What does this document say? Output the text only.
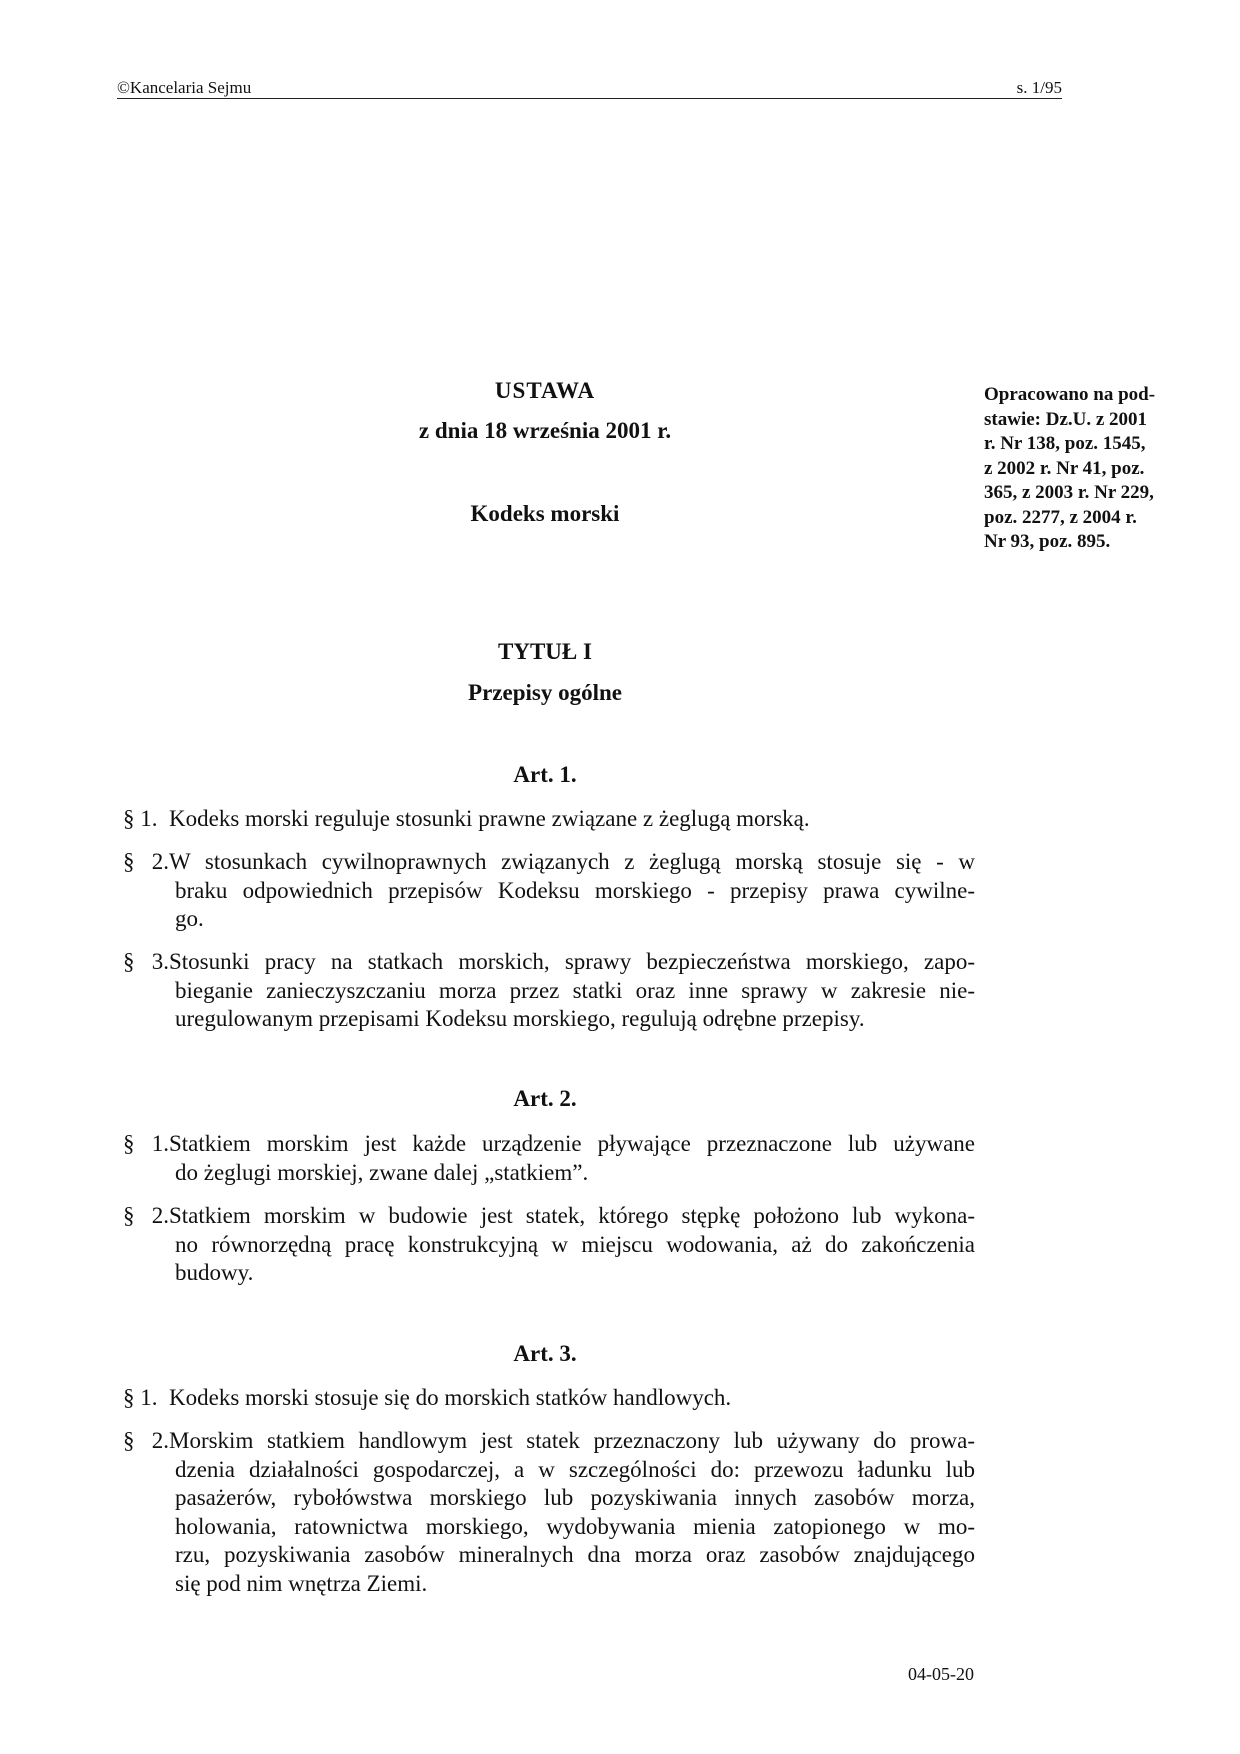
©Kancelaria Sejmu	s. 1/95
USTAWA
z dnia 18 września 2001 r.
Kodeks morski
Opracowano na pod-
stawie: Dz.U. z 2001
r. Nr 138, poz. 1545,
z 2002 r. Nr 41, poz.
365, z 2003 r. Nr 229,
poz. 2277, z 2004 r.
Nr 93, poz. 895.
TYTUŁ I
Przepisy ogólne
Art. 1.
§ 1. Kodeks morski reguluje stosunki prawne związane z żeglugą morską.
§ 2.W stosunkach cywilnoprawnych związanych z żeglugą morską stosuje się - w
braku odpowiednich przepisów Kodeksu morskiego - przepisy prawa cywilne-
go.
§ 3.Stosunki pracy na statkach morskich, sprawy bezpieczeństwa morskiego, zapo-
bieganie zanieczyszczaniu morza przez statki oraz inne sprawy w zakresie nie-
uregulowanym przepisami Kodeksu morskiego, regulują odrębne przepisy.
Art. 2.
§ 1.Statkiem morskim jest każde urządzenie pływające przeznaczone lub używane
do żeglugi morskiej, zwane dalej „statkiem”.
§ 2.Statkiem morskim w budowie jest statek, którego stępkę położono lub wykona-
no równorzędną pracę konstrukcyjną w miejscu wodowania, aż do zakończenia
budowy.
Art. 3.
§ 1. Kodeks morski stosuje się do morskich statków handlowych.
§ 2.Morskim statkiem handlowym jest statek przeznaczony lub używany do prowa-
dzenia działalności gospodarczej, a w szczególności do: przewozu ładunku lub
pasażerów, rybołówstwa morskiego lub pozyskiwania innych zasobów morza,
holowania, ratownictwa morskiego, wydobywania mienia zatopionego w mo-
rzu, pozyskiwania zasobów mineralnych dna morza oraz zasobów znajdującego
się pod nim wnętrza Ziemi.
04-05-20
